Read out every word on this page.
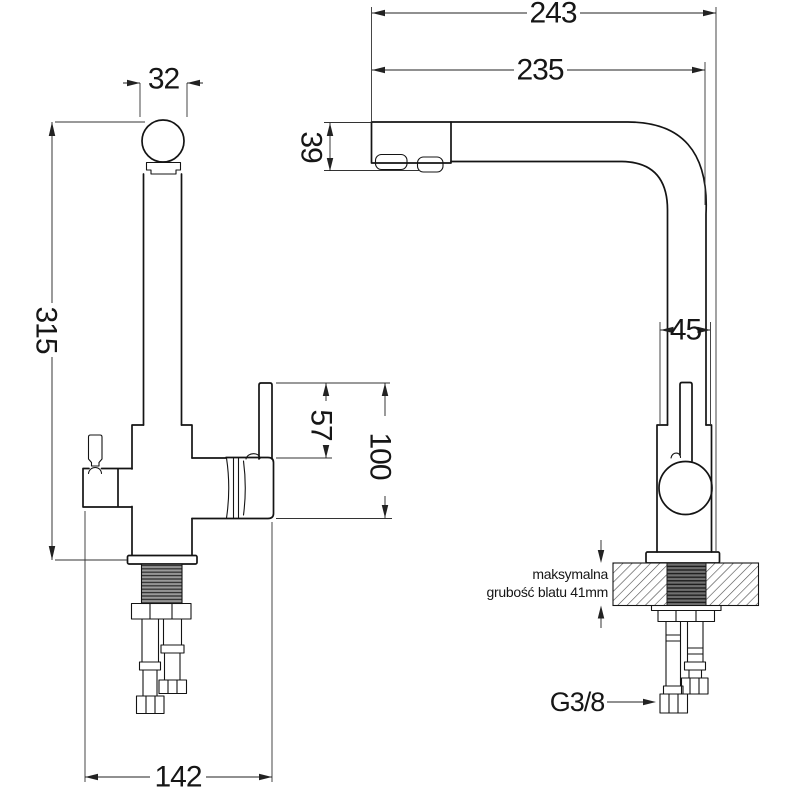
32
315
57
100
142
243
235
39
45
maksymalna
grubość blatu 41mm
G3/8
